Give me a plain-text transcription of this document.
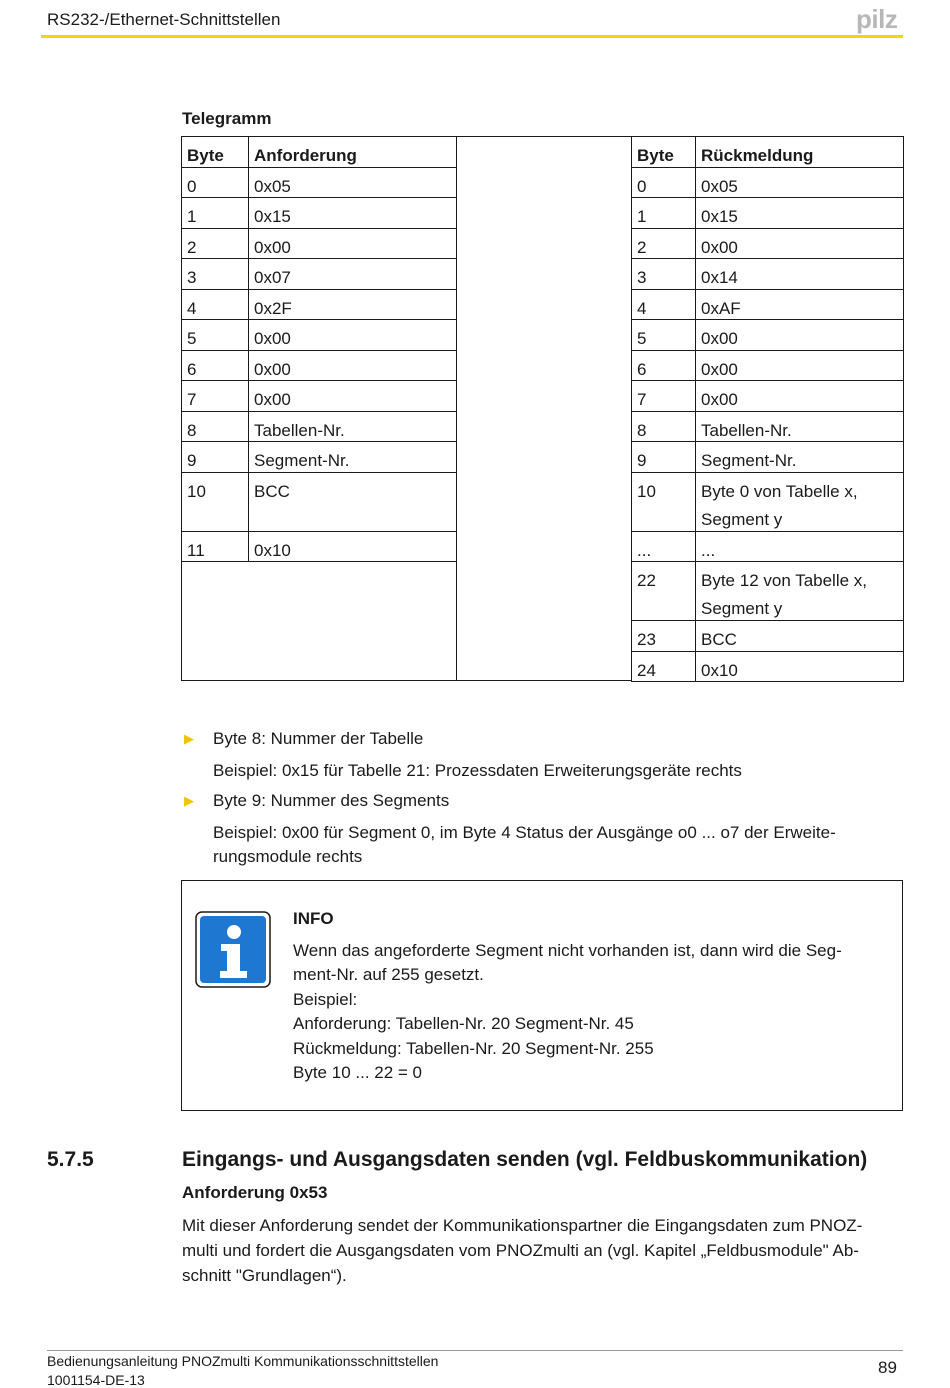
RS232-/Ethernet-Schnittstellen	pilz
Telegramm
Byte	Anforderung
0	0x05
1	0x15
2	0x00
3	0x07
4	0x2F
5	0x00
6	0x00
7	0x00
8	Tabellen-Nr.
9	Segment-Nr.
10	BCC
11	0x10
Byte	Rückmeldung
0	0x05
1	0x15
2	0x00
3	0x14
4	0xAF
5	0x00
6	0x00
7	0x00
8	Tabellen-Nr.
9	Segment-Nr.
10	Byte 0 von Tabelle x,
Segment y
...	...
22	Byte 12 von Tabelle x,
Segment y
23	BCC
24	0x10
▶ Byte 8: Nummer der Tabelle
Beispiel: 0x15 für Tabelle 21: Prozessdaten Erweiterungsgeräte rechts
▶ Byte 9: Nummer des Segments
Beispiel: 0x00 für Segment 0, im Byte 4 Status der Ausgänge o0 ... o7 der Erweite-
rungsmodule rechts
INFO
Wenn das angeforderte Segment nicht vorhanden ist, dann wird die Seg-
ment-Nr. auf 255 gesetzt.
Beispiel:
Anforderung: Tabellen-Nr. 20 Segment-Nr. 45
Rückmeldung: Tabellen-Nr. 20 Segment-Nr. 255
Byte 10 ... 22 = 0
5.7.5	Eingangs- und Ausgangsdaten senden (vgl. Feldbuskommunikation)
Anforderung 0x53
Mit dieser Anforderung sendet der Kommunikationspartner die Eingangsdaten zum PNOZ-
multi und fordert die Ausgangsdaten vom PNOZmulti an (vgl. Kapitel „Feldbusmodule" Ab-
schnitt "Grundlagen“).
Bedienungsanleitung PNOZmulti Kommunikationsschnittstellen
1001154-DE-13
89
